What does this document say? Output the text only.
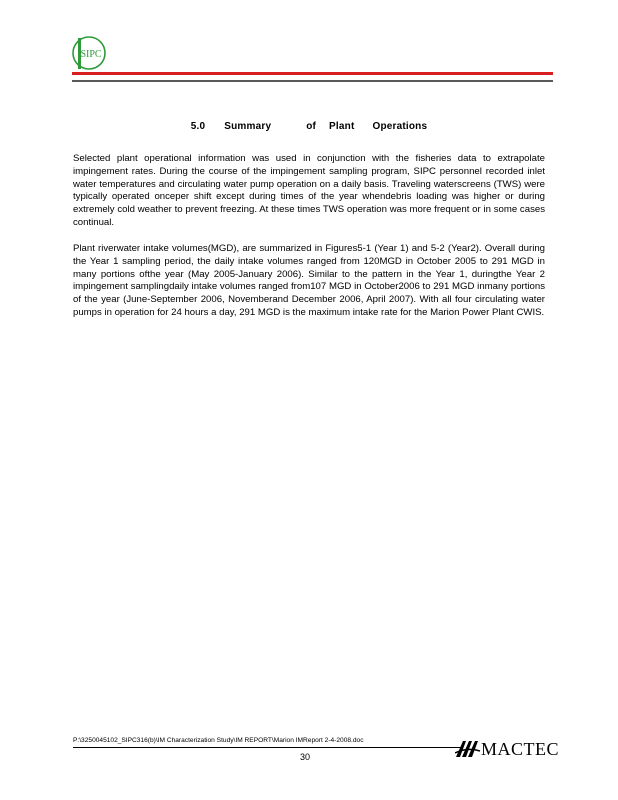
SIPC
5.0 Summary	of Plant Operations

Selected plant operational information was used in conjunction with the fisheries data to extrapolate impingement rates. During the course of the impingement sampling program, SIPC personnel recorded inlet water temperatures and circulating water pump operation on a daily basis. Traveling waterscreens (TWS) were typically operated onceper shift except during times of the year whendebris loading was higher or during extremely cold weather to prevent freezing. At these times TWS operation was more frequent or in some cases continual.

Plant riverwater intake volumes(MGD), are summarized in Figures5-1 (Year 1) and 5-2 (Year2). Overall during the Year 1 sampling period, the daily intake volumes ranged from 120MGD in October 2005 to 291 MGD in many portions ofthe year (May 2005-January 2006). Similar to the pattern in the Year 1, duringthe Year 2 impingement samplingdaily intake volumes ranged from107 MGD in October2006 to 291 MGD inmany portions of the year (June-September 2006, Novemberand December 2006, April 2007). With all four circulating water pumps in operation for 24 hours a day, 291 MGD is the maximum intake rate for the Marion Power Plant CWIS.

P:\3250045102_SIPC316(b)\IM Characterization Study\IM REPORT\Marion IMReport 2-4-2008.doc
30	MACTEC
